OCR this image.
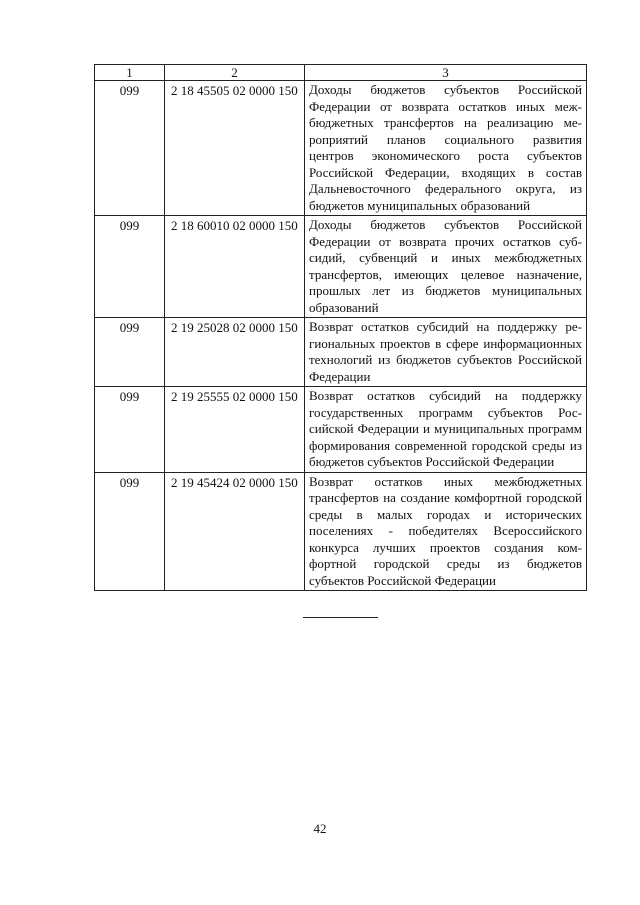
1	2	3
099	2 18 45505 02 0000 150	Доходы бюджетов субъектов Российской Федерации от возврата остатков иных межбюджетных трансфертов на реализацию мероприятий планов социального развития центров экономического роста субъектов Российской Федерации, входящих в состав Дальневосточного федерального округа, из бюджетов муниципальных образований
099	2 18 60010 02 0000 150	Доходы бюджетов субъектов Российской Федерации от возврата прочих остатков субсидий, субвенций и иных межбюджетных трансфертов, имеющих целевое назначение, прошлых лет из бюджетов муниципальных образований
099	2 19 25028 02 0000 150	Возврат остатков субсидий на поддержку региональных проектов в сфере информационных технологий из бюджетов субъектов Российской Федерации
099	2 19 25555 02 0000 150	Возврат остатков субсидий на поддержку государственных программ субъектов Российской Федерации и муниципальных программ формирования современной городской среды из бюджетов субъектов Российской Федерации
099	2 19 45424 02 0000 150	Возврат остатков иных межбюджетных трансфертов на создание комфортной городской среды в малых городах и исторических поселениях - победителях Всероссийского конкурса лучших проектов создания комфортной городской среды из бюджетов субъектов Российской Федерации
42
